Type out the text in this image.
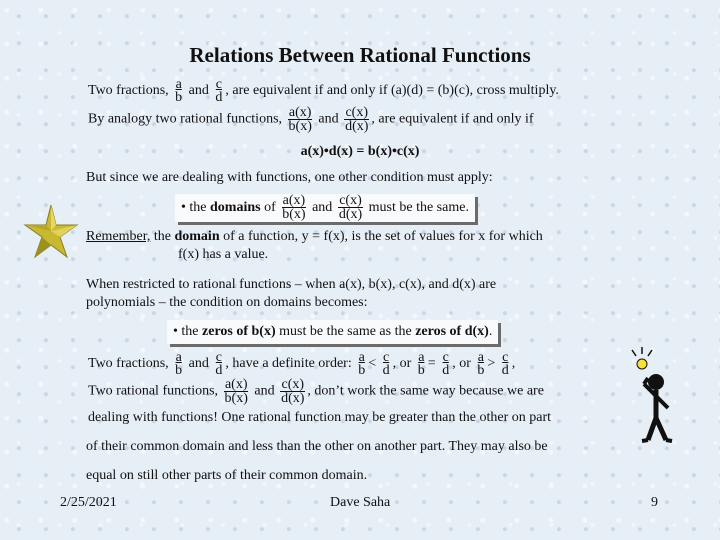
Relations Between Rational Functions
Two fractions, $\frac{a}{b}$ and $\frac{c}{d}$ , are equivalent if and only if (a)(d) = (b)(c), cross multiply.
By analogy two rational functions, $\frac{a(x)}{b(x)}$ and $\frac{c(x)}{d(x)}$ , are equivalent if and only if
a(x)•d(x) = b(x)•c(x)
But since we are dealing with functions, one other condition must apply:
• the domains of $\frac{a(x)}{b(x)}$ and $\frac{c(x)}{d(x)}$ must be the same.
Remember, the domain of a function, y = f(x), is the set of values for x for which
f(x) has a value.
When restricted to rational functions – when a(x), b(x), c(x), and d(x) are
polynomials – the condition on domains becomes:
• the zeros of b(x) must be the same as the zeros of d(x).
Two fractions, $\frac{a}{b}$ and $\frac{c}{d}$ , have a definite order: $\frac{a}{b} < \frac{c}{d}$ , or $\frac{a}{b} = \frac{c}{d}$ , or $\frac{a}{b} > \frac{c}{d}$ ,
Two rational functions, $\frac{a(x)}{b(x)}$ and $\frac{c(x)}{d(x)}$ , don’t work the same way because we are
dealing with functions! One rational function may be greater than the other on part
of their common domain and less than the other on another part. They may also be
equal on still other parts of their common domain.
2/25/2021	Dave Saha	9
